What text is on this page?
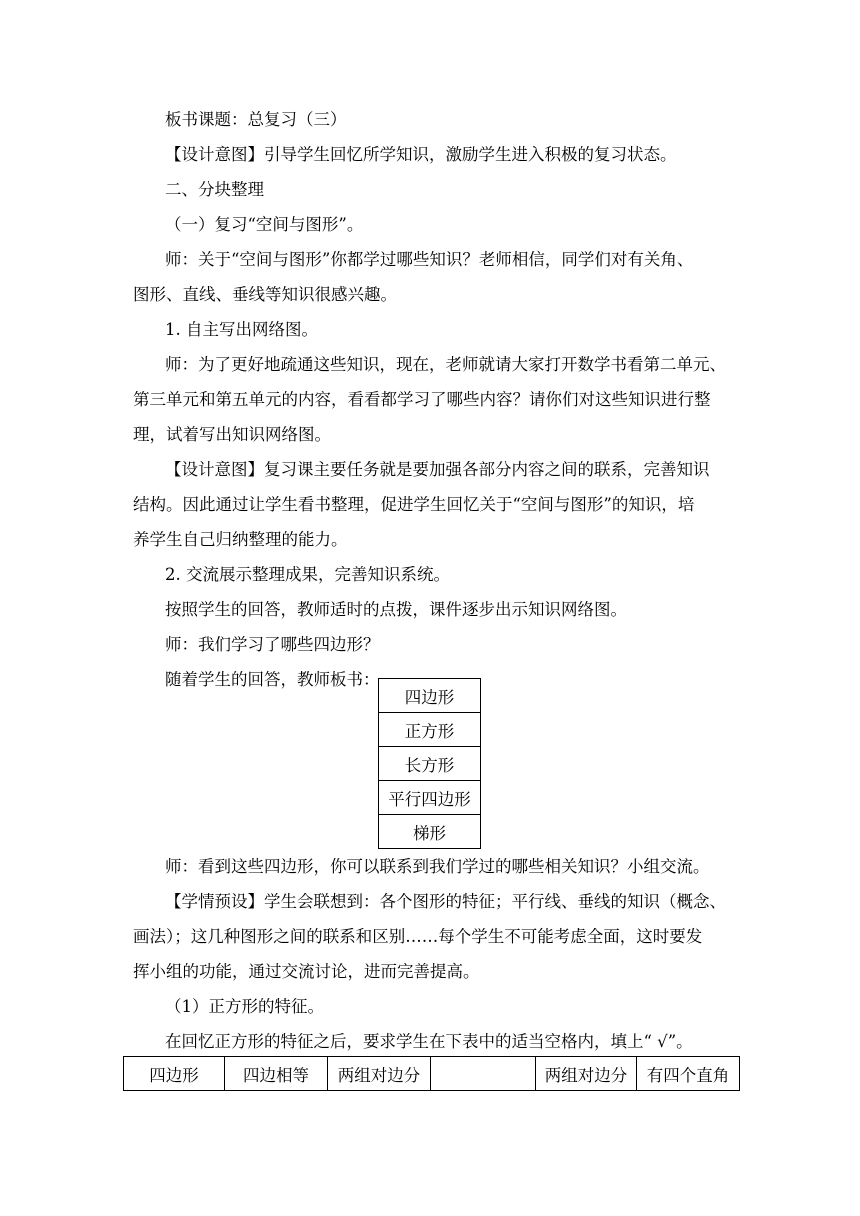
板书课题：总复习（三）
【设计意图】引导学生回忆所学知识，激励学生进入积极的复习状态。
二、分块整理
（一）复习“空间与图形”。
师：关于“空间与图形”你都学过哪些知识？老师相信，同学们对有关角、
图形、直线、垂线等知识很感兴趣。
1. 自主写出网络图。
师：为了更好地疏通这些知识，现在，老师就请大家打开数学书看第二单元、
第三单元和第五单元的内容，看看都学习了哪些内容？请你们对这些知识进行整
理，试着写出知识网络图。
【设计意图】复习课主要任务就是要加强各部分内容之间的联系，完善知识
结构。因此通过让学生看书整理，促进学生回忆关于“空间与图形”的知识，培
养学生自己归纳整理的能力。
2. 交流展示整理成果，完善知识系统。
按照学生的回答，教师适时的点拨，课件逐步出示知识网络图。
师：我们学习了哪些四边形？
随着学生的回答，教师板书：
四边形
正方形
长方形
平行四边形
梯形
师：看到这些四边形，你可以联系到我们学过的哪些相关知识？小组交流。
【学情预设】学生会联想到：各个图形的特征；平行线、垂线的知识（概念、
画法）；这几种图形之间的联系和区别……每个学生不可能考虑全面，这时要发
挥小组的功能，通过交流讨论，进而完善提高。
（1）正方形的特征。
在回忆正方形的特征之后，要求学生在下表中的适当空格内，填上“ √”。
四边形	四边相等	两组对边分		两组对边分	有四个直角
